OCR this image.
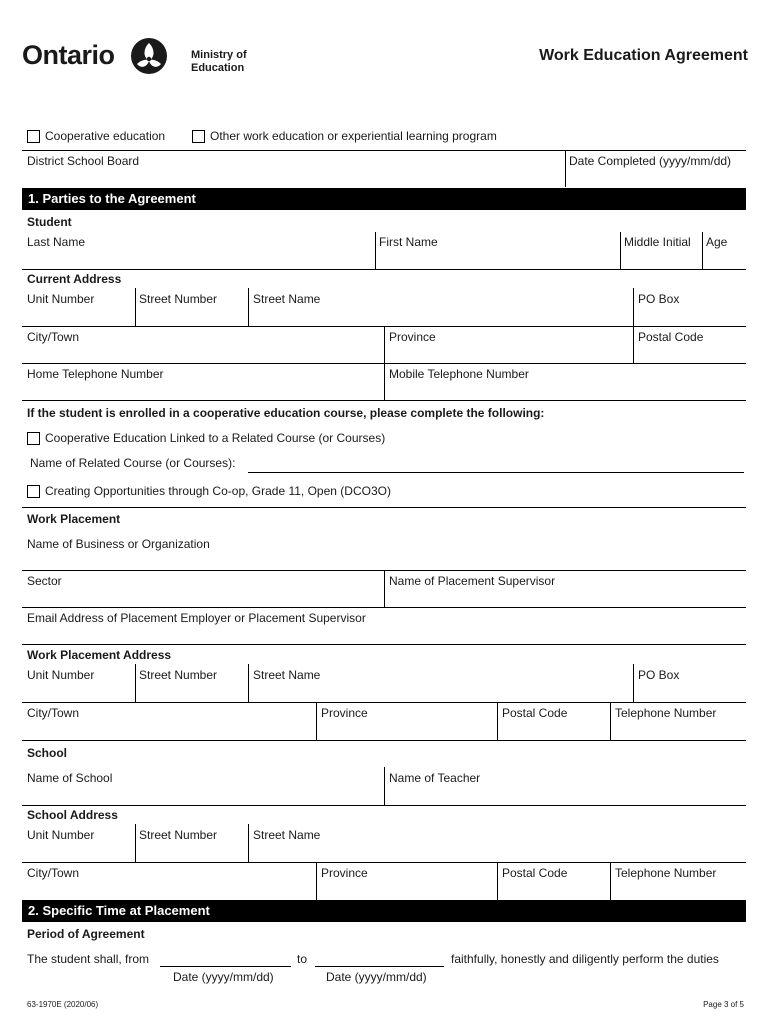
Ontario	Ministry of
Education
Work Education Agreement
Cooperative education	Other work education or experiential learning program
District School Board	Date Completed (yyyy/mm/dd)
1. Parties to the Agreement
Student
Last Name	First Name	Middle Initial Age
Current Address
Unit Number	Street Number	Street Name	PO Box
City/Town	Province	Postal Code
Home Telephone Number	Mobile Telephone Number
If the student is enrolled in a cooperative education course, please complete the following:
Cooperative Education Linked to a Related Course (or Courses)
Name of Related Course (or Courses):
Creating Opportunities through Co-op, Grade 11, Open (DCO3O)
Work Placement
Name of Business or Organization
Sector	Name of Placement Supervisor
Email Address of Placement Employer or Placement Supervisor
Work Placement Address
Unit Number	Street Number	Street Name	PO Box
City/Town	Province	Postal Code	Telephone Number
School
Name of School	Name of Teacher
School Address
Unit Number	Street Number	Street Name
City/Town	Province	Postal Code	Telephone Number
2. Specific Time at Placement
Period of Agreement
The student shall, from	to	faithfully, honestly and diligently perform the duties
Date (yyyy/mm/dd)	Date (yyyy/mm/dd)
63-1970E (2020/06)	Page 3 of 5
